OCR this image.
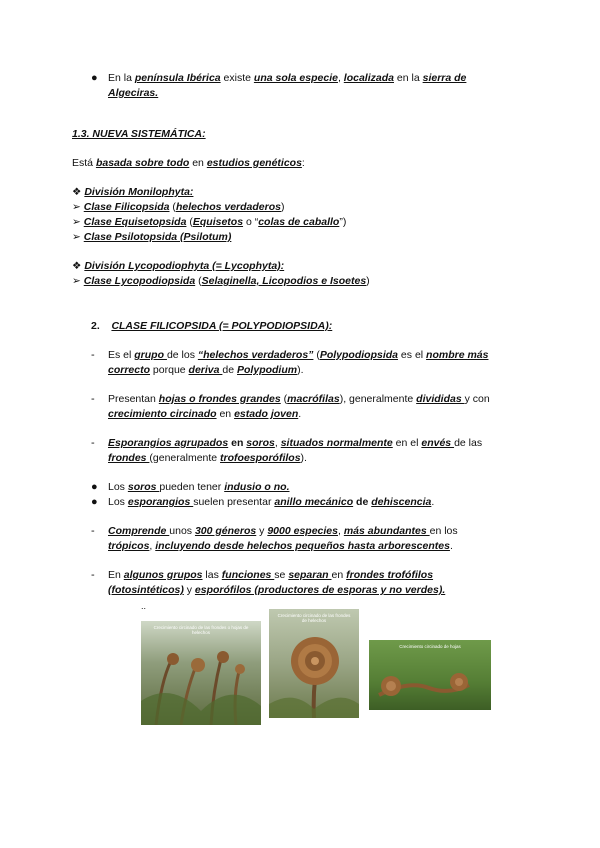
● En la península Ibérica existe una sola especie, localizada en la sierra de
Algeciras.
1.3. NUEVA SISTEMÁTICA:
Está basada sobre todo en estudios genéticos:
❖ División Monilophyta:
➢ Clase Filicopsida (helechos verdaderos)
➢ Clase Equisetopsida (Equisetos o “colas de caballo”)
➢ Clase Psilotopsida (Psilotum)
❖ División Lycopodiophyta (= Lycophyta):
➢ Clase Lycopodiopsida (Selaginella, Licopodios e Isoetes)
2. CLASE FILICOPSIDA (= POLYPODIOPSIDA):
- Es el grupo de los “helechos verdaderos” (Polypodiopsida es el nombre más
correcto porque deriva de Polypodium).
- Presentan hojas o frondes grandes (macrófilas), generalmente divididas y con
crecimiento circinado en estado joven.
- Esporangios agrupados en soros, situados normalmente en el envés de las
frondes (generalmente trofoesporófilos).
● Los soros pueden tener indusio o no.
● Los esporangios suelen presentar anillo mecánico de dehiscencia.
- Comprende unos 300 géneros y 9000 especies, más abundantes en los
trópicos, incluyendo desde helechos pequeños hasta arborescentes.
- En algunos grupos las funciones se separan en frondes trofófilos
(fotosintéticos) y esporófilos (productores de esporas y no verdes).
..
Crecimiento circinado de las frondes o hojas de helechos
Crecimiento circinado de las frondes de helechos
Crecimiento circinado de hojas
